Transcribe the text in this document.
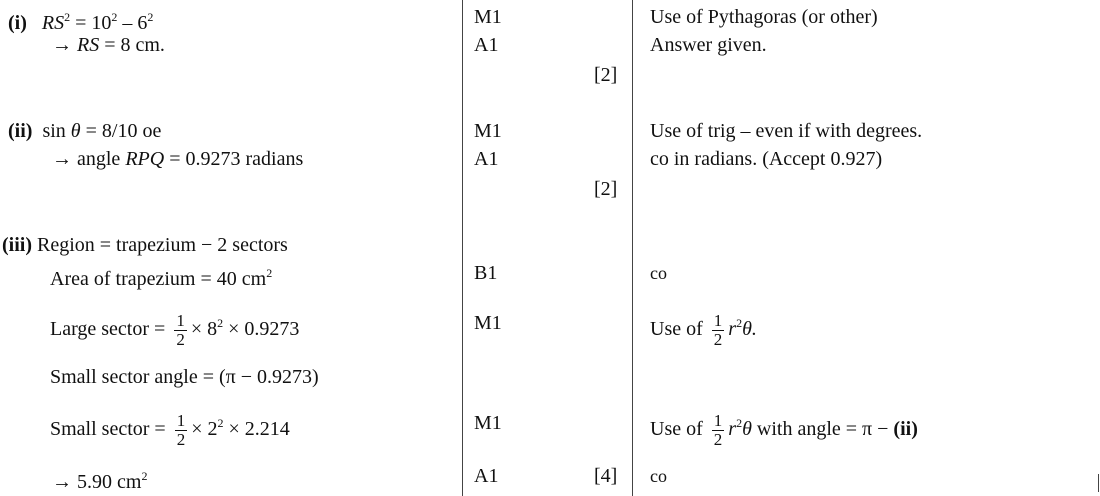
(i) $RS^2 = 10^2 - 6^2$
→ RS = 8 cm.
M1
A1
[2]
Use of Pythagoras (or other)
Answer given.
(ii) sin θ = 8/10 oe
→ angle RPQ = 0.9273 radians
M1
A1
[2]
Use of trig – even if with degrees.
co in radians. (Accept 0.927)
(iii) Region = trapezium − 2 sectors
Area of trapezium = 40 $cm^2$
Large sector = $\frac{1}{2} \times 8^2 \times 0.9273$
Small sector angle = (π − 0.9273)
Small sector = $\frac{1}{2} \times 2^2 \times 2.214$
→ 5.90 $cm^2$
B1
M1
M1
A1	[4]
co
Use of $\frac{1}{2} r^2\theta$.
Use of $\frac{1}{2} r^2\theta$ with angle = π − (ii)
co
